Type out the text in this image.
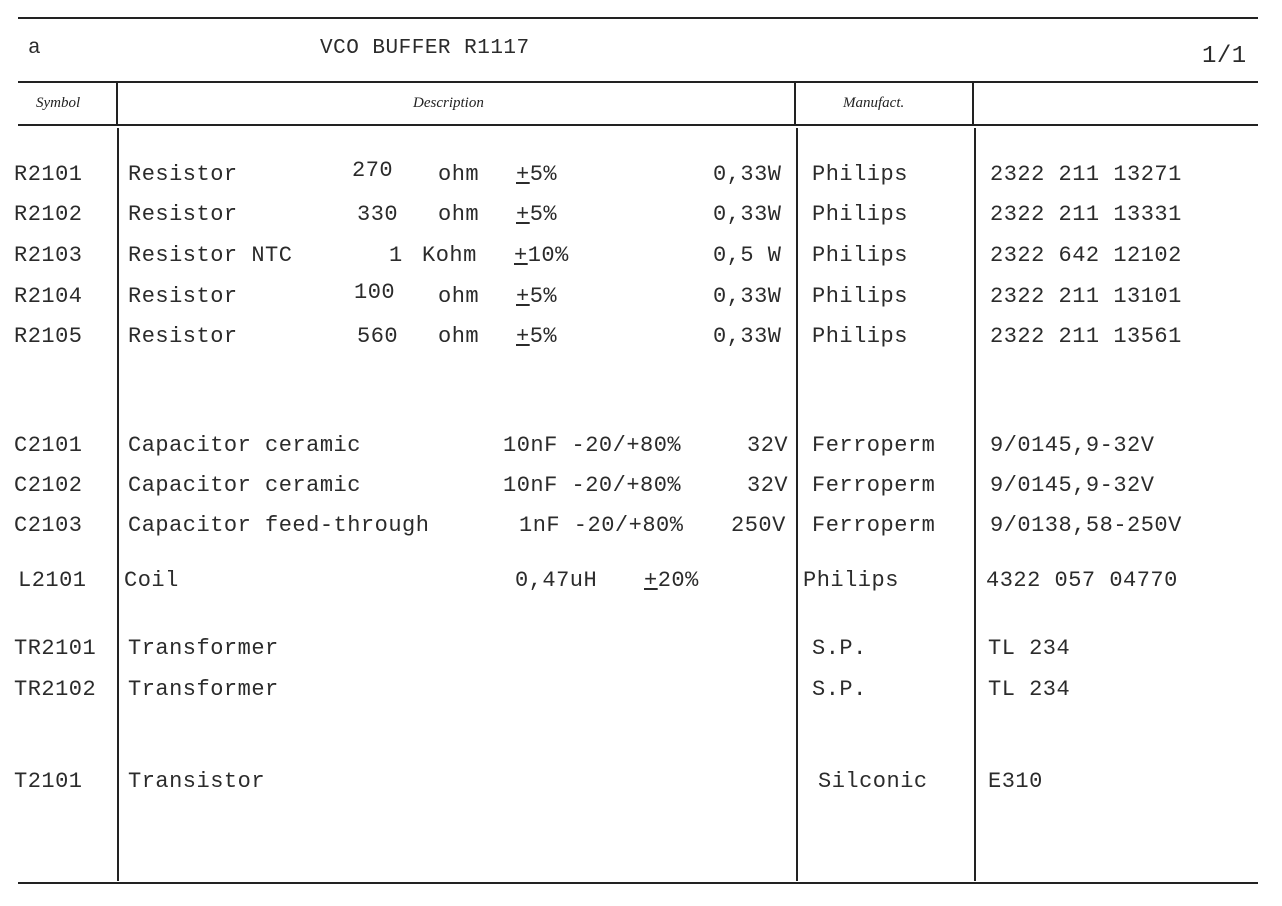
a	VCO BUFFER R1117	1/1
Symbol	Description	Manufact.
R2101 Resistor	270 ohm +5%	0,33W Philips	2322 211 13271
R2102 Resistor	330 ohm +5%	0,33W Philips	2322 211 13331
R2103 Resistor NTC	1 Kohm +10%	0,5 W Philips	2322 642 12102
R2104 Resistor	100 ohm +5%	0,33W Philips	2322 211 13101
R2105 Resistor	560 ohm +5%	0,33W Philips	2322 211 13561
C2101 Capacitor ceramic	10nF -20/+80%	32V Ferroperm 9/0145,9-32V
C2102 Capacitor ceramic	10nF -20/+80%	32V Ferroperm 9/0145,9-32V
C2103 Capacitor feed-through	1nF -20/+80% 250V Ferroperm 9/0138,58-250V
L2101 Coil	0,47uH +20%	Philips	4322 057 04770
TR2101 Transformer	S.P.	TL 234
TR2102 Transformer	S.P.	TL 234
T2101 Transistor	Silconic	E310
